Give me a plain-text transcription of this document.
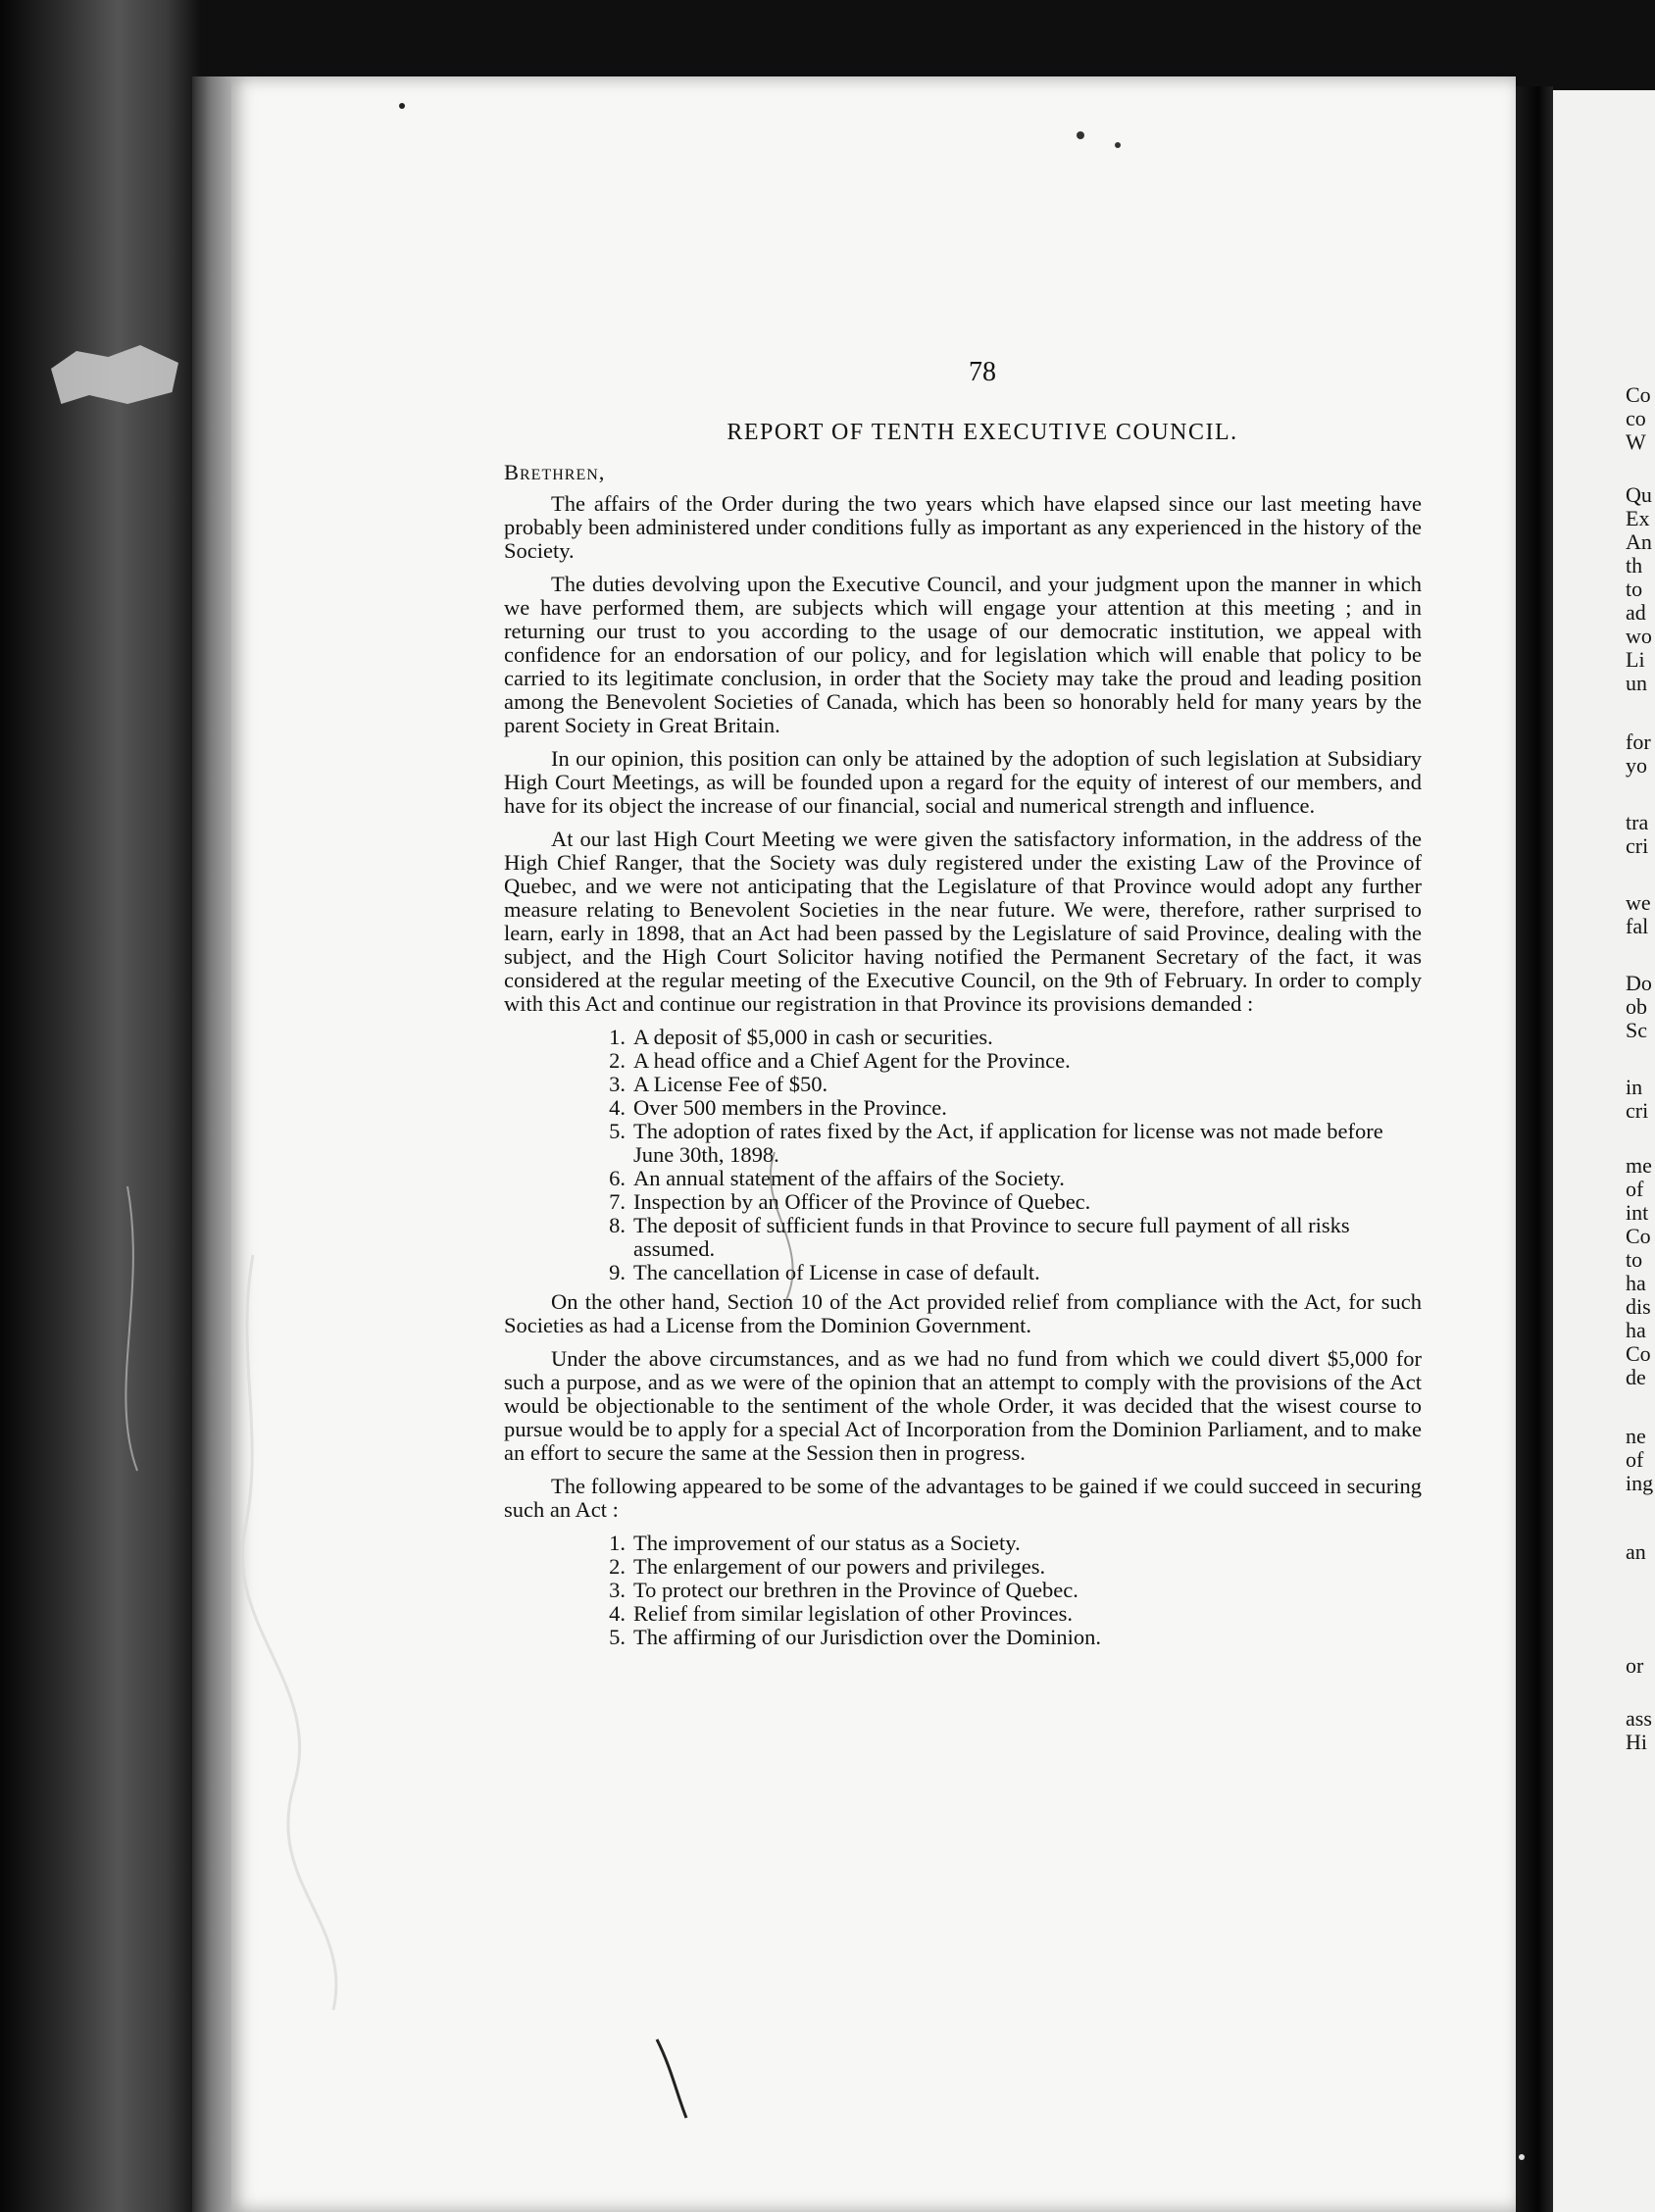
78
REPORT OF TENTH EXECUTIVE COUNCIL.
Brethren,

The affairs of the Order during the two years which have elapsed since our last meeting have probably been administered under conditions fully as important as any experienced in the history of the Society.

The duties devolving upon the Executive Council, and your judgment upon the manner in which we have performed them, are subjects which will engage your attention at this meeting ; and in returning our trust to you according to the usage of our democratic institution, we appeal with confidence for an endorsation of our policy, and for legislation which will enable that policy to be carried to its legitimate conclusion, in order that the Society may take the proud and leading position among the Benevolent Societies of Canada, which has been so honorably held for many years by the parent Society in Great Britain.

In our opinion, this position can only be attained by the adoption of such legislation at Subsidiary High Court Meetings, as will be founded upon a regard for the equity of interest of our members, and have for its object the increase of our financial, social and numerical strength and influence.

At our last High Court Meeting we were given the satisfactory information, in the address of the High Chief Ranger, that the Society was duly registered under the existing Law of the Province of Quebec, and we were not anticipating that the Legislature of that Province would adopt any further measure relating to Benevolent Societies in the near future. We were, therefore, rather surprised to learn, early in 1898, that an Act had been passed by the Legislature of said Province, dealing with the subject, and the High Court Solicitor having notified the Permanent Secretary of the fact, it was considered at the regular meeting of the Executive Council, on the 9th of February. In order to comply with this Act and continue our registration in that Province its provisions demanded :

1. A deposit of $5,000 in cash or securities.
2. A head office and a Chief Agent for the Province.
3. A License Fee of $50.
4. Over 500 members in the Province.
5. The adoption of rates fixed by the Act, if application for license was not made before June 30th, 1898.
6. An annual statement of the affairs of the Society.
7. Inspection by an Officer of the Province of Quebec.
8. The deposit of sufficient funds in that Province to secure full payment of all risks assumed.
9. The cancellation of License in case of default.

On the other hand, Section 10 of the Act provided relief from compliance with the Act, for such Societies as had a License from the Dominion Government.

Under the above circumstances, and as we had no fund from which we could divert $5,000 for such a purpose, and as we were of the opinion that an attempt to comply with the provisions of the Act would be objectionable to the sentiment of the whole Order, it was decided that the wisest course to pursue would be to apply for a special Act of Incorporation from the Dominion Parliament, and to make an effort to secure the same at the Session then in progress.

The following appeared to be some of the advantages to be gained if we could succeed in securing such an Act :

1. The improvement of our status as a Society.
2. The enlargement of our powers and privileges.
3. To protect our brethren in the Province of Quebec.
4. Relief from similar legislation of other Provinces.
5. The affirming of our Jurisdiction over the Dominion.
Co
co
W
Qu
Ex
An
th
to
ad
wo
Li
un
for
yo
tra
cri
we
fal
Do
ob
Sc
in
cri
me
of
int
Co
to
ha
dis
ha
Co
de
ne
of
ing
an
or
ass
Hi
